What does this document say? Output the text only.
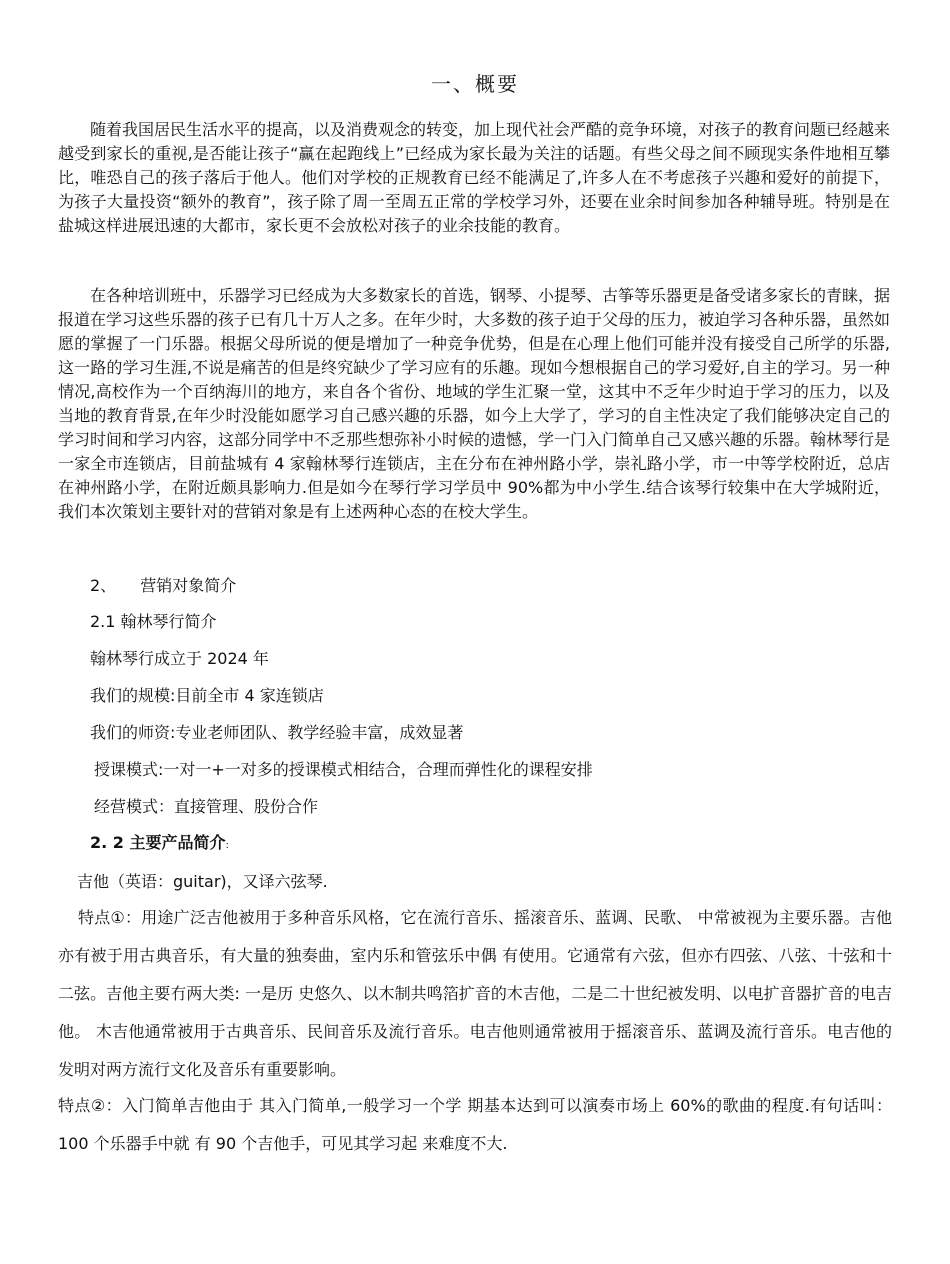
一、概要
随着我国居民生活水平的提高，以及消费观念的转变，加上现代社会严酷的竞争环境，对孩子的教育问题已经越来越受到家长的重视,是否能让孩子“赢在起跑线上”已经成为家长最为关注的话题。有些父母之间不顾现实条件地相互攀比，唯恐自己的孩子落后于他人。他们对学校的正规教育已经不能满足了,许多人在不考虑孩子兴趣和爱好的前提下，为孩子大量投资“额外的教育”，孩子除了周一至周五正常的学校学习外，还要在业余时间参加各种辅导班。特别是在盐城这样进展迅速的大都市，家长更不会放松对孩子的业余技能的教育。
在各种培训班中，乐器学习已经成为大多数家长的首选，钢琴、小提琴、古筝等乐器更是备受诸多家长的青睐，据报道在学习这些乐器的孩子已有几十万人之多。在年少时，大多数的孩子迫于父母的压力，被迫学习各种乐器，虽然如愿的掌握了一门乐器。根据父母所说的便是增加了一种竞争优势，但是在心理上他们可能并没有接受自己所学的乐器,这一路的学习生涯,不说是痛苦的但是终究缺少了学习应有的乐趣。现如今想根据自己的学习爱好,自主的学习。另一种情况,高校作为一个百纳海川的地方，来自各个省份、地域的学生汇聚一堂，这其中不乏年少时迫于学习的压力，以及当地的教育背景,在年少时没能如愿学习自己感兴趣的乐器，如今上大学了，学习的自主性决定了我们能够决定自己的学习时间和学习内容，这部分同学中不乏那些想弥补小时候的遗憾，学一门入门简单自己又感兴趣的乐器。翰林琴行是一家全市连锁店，目前盐城有 4 家翰林琴行连锁店，主在分布在神州路小学，崇礼路小学，市一中等学校附近，总店在神州路小学，在附近颇具影响力.但是如今在琴行学习学员中 90%都为中小学生.结合该琴行较集中在大学城附近，我们本次策划主要针对的营销对象是有上述两种心态的在校大学生。
2、 营销对象简介
2.1 翰林琴行简介
翰林琴行成立于 2024 年
我们的规模:目前全市 4 家连锁店
我们的师资:专业老师团队、教学经验丰富，成效显著
授课模式:一对一+一对多的授课模式相结合，合理而弹性化的课程安排
经营模式：直接管理、股份合作
2. 2 主要产品简介:
吉他（英语：guitar)，又译六弦琴.
特点①：用途广泛吉他被用于多种音乐风格，它在流行音乐、摇滚音乐、蓝调、民歌、 中常被视为主要乐器。吉他亦有被于用古典音乐，有大量的独奏曲，室内乐和管弦乐中偶 有使用。它通常有六弦，但亦冇四弦、八弦、十弦和十二弦。吉他主要冇两大类: 一是历 史悠久、以木制共鸣箔扩音的木吉他，二是二十世纪被发明、以电扩音器扩音的电吉他。 木吉他通常被用于古典音乐、民间音乐及流行音乐。电吉他则通常被用于摇滚音乐、蓝调及流行音乐。电吉他的发明对两方流行文化及音乐有重要影响。
特点②：入门简单吉他由于 其入门简单,一般学习一个学 期基本达到可以演奏市场上 60%的歌曲的程度.有句话叫：100 个乐器手中就 有 90 个吉他手，可见其学习起 来难度不大.
